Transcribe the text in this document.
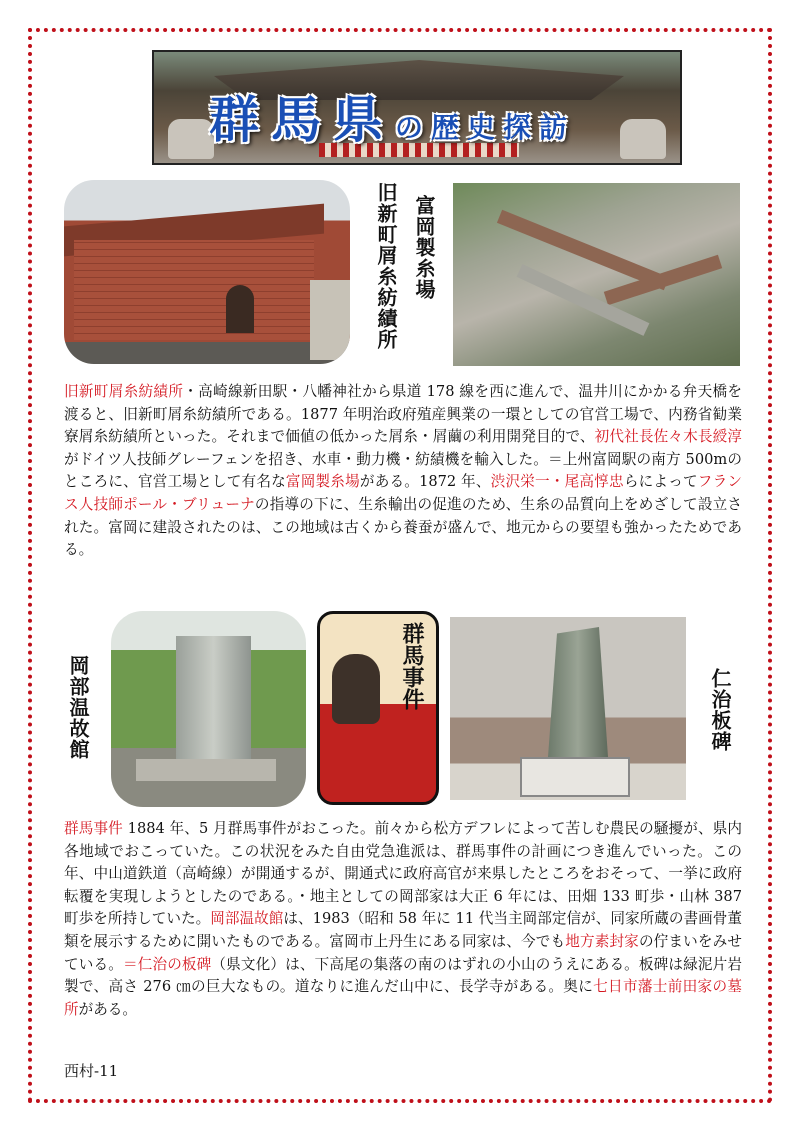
群馬県の歴史探訪
旧新町屑糸紡績所 富岡製糸場
旧新町屑糸紡績所・高崎線新田駅・八幡神社から県道 178 線を西に進んで、温井川にかかる弁天橋を渡ると、旧新町屑糸紡績所である。1877 年明治政府殖産興業の一環としての官営工場で、内務省勧業寮屑糸紡績所といった。それまで価値の低かった屑糸・屑繭の利用開発目的で、初代社長佐々木長綬淳がドイツ人技師グレーフェンを招き、水車・動力機・紡績機を輸入した。＝上州富岡駅の南方 500mのところに、官営工場として有名な富岡製糸場がある。1872 年、渋沢栄一・尾高惇忠らによってフランス人技師ポール・ブリューナの指導の下に、生糸輸出の促進のため、生糸の品質向上をめざして設立された。富岡に建設されたのは、この地域は古くから養蚕が盛んで、地元からの要望も強かったためである。
岡部温故館	群馬事件	仁治板碑
群馬事件 1884 年、5 月群馬事件がおこった。前々から松方デフレによって苦しむ農民の騒擾が、県内各地域でおこっていた。この状況をみた自由党急進派は、群馬事件の計画につき進んでいった。この年、中山道鉄道（高崎線）が開通するが、開通式に政府高官が来県したところをおそって、一挙に政府転覆を実現しようとしたのである。・地主としての岡部家は大正 6 年には、田畑 133 町歩・山林 387 町歩を所持していた。岡部温故館は、1983（昭和 58 年に 11 代当主岡部定信が、同家所蔵の書画骨董類を展示するために開いたものである。富岡市上丹生にある同家は、今でも地方素封家の佇まいをみせている。＝仁治の板碑（県文化）は、下高尾の集落の南のはずれの小山のうえにある。板碑は緑泥片岩製で、高さ 276 ㎝の巨大なもの。道なりに進んだ山中に、長学寺がある。奥に七日市藩士前田家の墓所がある。
西村-11
